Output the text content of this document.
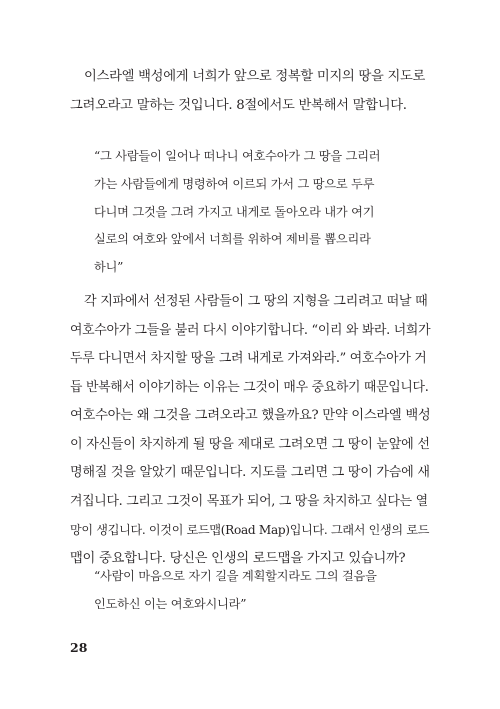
이스라엘 백성에게 너희가 앞으로 정복할 미지의 땅을 지도로
그려오라고 말하는 것입니다. 8절에서도 반복해서 말합니다.
“그 사람들이 일어나 떠나니 여호수아가 그 땅을 그리러
가는 사람들에게 명령하여 이르되 가서 그 땅으로 두루
다니며 그것을 그려 가지고 내게로 돌아오라 내가 여기
실로의 여호와 앞에서 너희를 위하여 제비를 뽑으리라
하니”
각 지파에서 선정된 사람들이 그 땅의 지형을 그리려고 떠날 때
여호수아가 그들을 불러 다시 이야기합니다. “이리 와 봐라. 너희가
두루 다니면서 차지할 땅을 그려 내게로 가져와라.” 여호수아가 거
듭 반복해서 이야기하는 이유는 그것이 매우 중요하기 때문입니다.
여호수아는 왜 그것을 그려오라고 했을까요? 만약 이스라엘 백성
이 자신들이 차지하게 될 땅을 제대로 그려오면 그 땅이 눈앞에 선
명해질 것을 알았기 때문입니다. 지도를 그리면 그 땅이 가슴에 새
겨집니다. 그리고 그것이 목표가 되어, 그 땅을 차지하고 싶다는 열
망이 생깁니다. 이것이 로드맵(Road Map)입니다. 그래서 인생의 로드
맵이 중요합니다. 당신은 인생의 로드맵을 가지고 있습니까?
“사람이 마음으로 자기 길을 계획할지라도 그의 걸음을
인도하신 이는 여호와시니라”
28
